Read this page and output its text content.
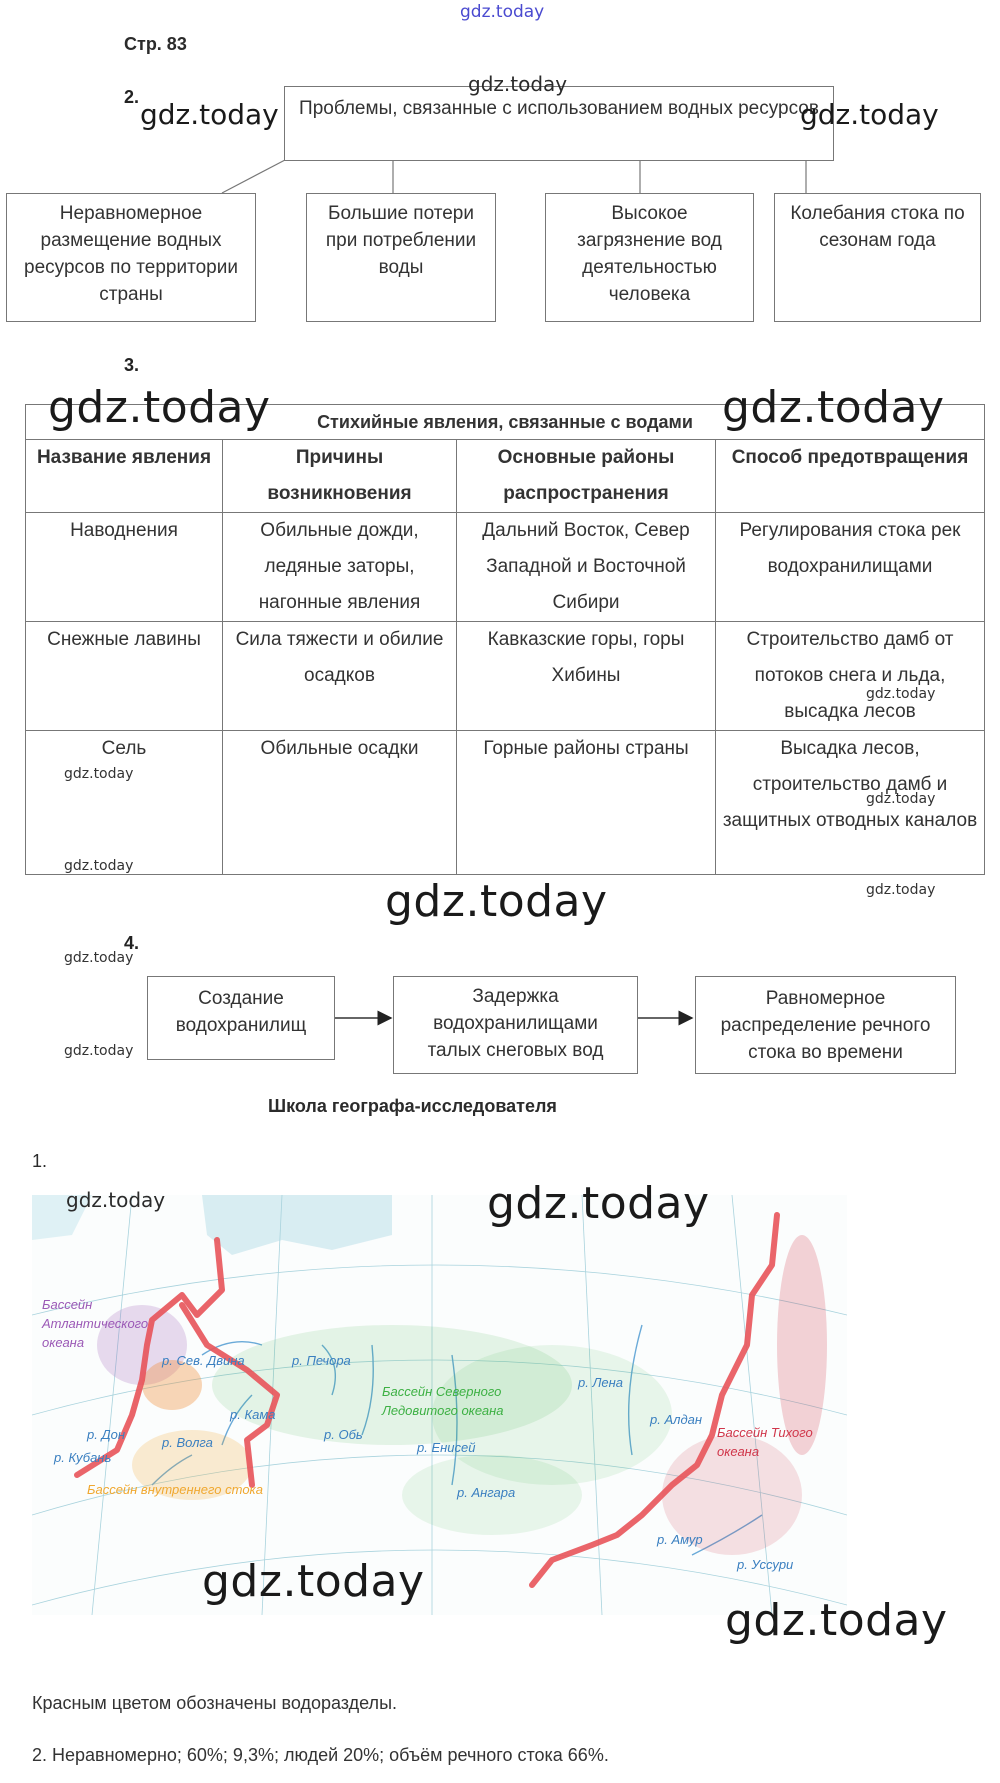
gdz.today
Стр. 83
2.
Проблемы, связанные с использованием водных ресурсов
Неравномерное размещение водных ресурсов по территории страны
Большие потери при потреблении воды
Высокое загрязнение вод деятельностью человека
Колебания стока по сезонам года
3.
Стихийные явления, связанные с водами			
Название явления	Причины возникновения	Основные районы распространения	Способ предотвращения
Наводнения	Обильные дожди, ледяные заторы, нагонные явления	Дальний Восток, Север Западной и Восточной Сибири	Регулирования стока рек водохранилищами
Снежные лавины	Сила тяжести и обилие осадков	Кавказские горы, горы Хибины	Строительство дамб от потоков снега и льда, высадка лесов
Сель	Обильные осадки	Горные районы страны	Высадка лесов, строительство дамб и защитных отводных каналов
4.
Создание водохранилищ
Задержка водохранилищами талых снеговых вод
Равномерное распределение речного стока во времени
Школа географа-исследователя
1.
Бассейн Атлантического океана
Бассейн Северного Ледовитого океана
Бассейн Тихого океана
Бассейн внутреннего стока
р. Сев. Двина	р. Печора
р. Кама
р. Обь
р. Дон
р. Волга
р. Кубань
р. Енисей
р. Ангара
р. Лена
р. Алдан
р. Амур
р. Уссури
Красным цветом обозначены водоразделы.
2. Неравномерно; 60%; 9,3%; людей 20%; объём речного стока 66%.
gdz.today	gdz.today
gdz.today
gdz.today	gdz.today
gdz.today
gdz.today
gdz.today
gdz.today
gdz.today
gdz.today
gdz.today
gdz.today
gdz.today	gdz.today
gdz.today
gdz.today
